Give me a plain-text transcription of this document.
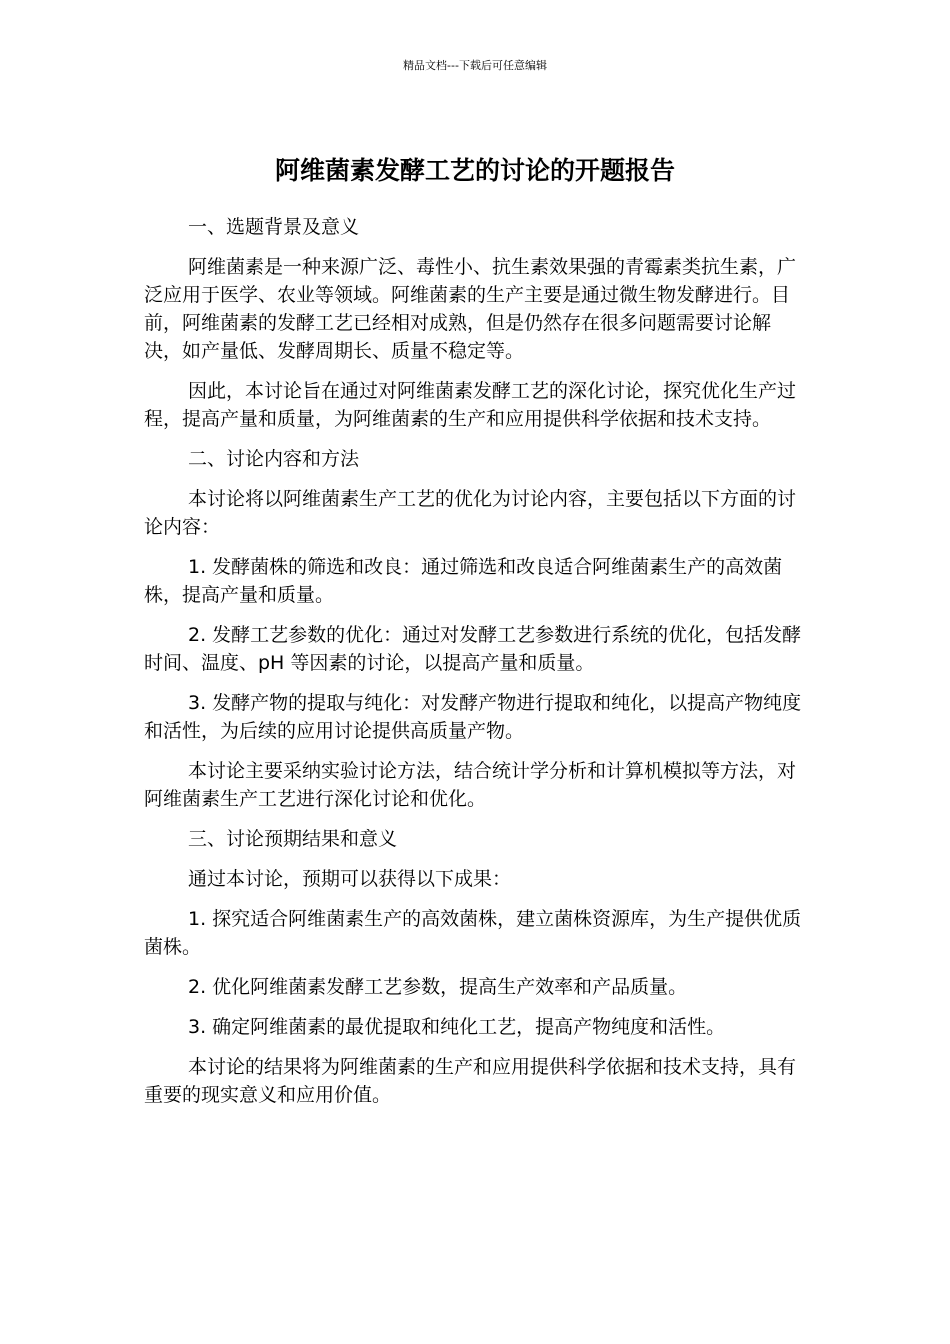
精品文档---下载后可任意编辑
阿维菌素发酵工艺的讨论的开题报告

一、选题背景及意义

阿维菌素是一种来源广泛、毒性小、抗生素效果强的青霉素类抗生素，广泛应用于医学、农业等领域。阿维菌素的生产主要是通过微生物发酵进行。目前，阿维菌素的发酵工艺已经相对成熟，但是仍然存在很多问题需要讨论解决，如产量低、发酵周期长、质量不稳定等。

因此，本讨论旨在通过对阿维菌素发酵工艺的深化讨论，探究优化生产过程，提高产量和质量，为阿维菌素的生产和应用提供科学依据和技术支持。

二、讨论内容和方法

本讨论将以阿维菌素生产工艺的优化为讨论内容，主要包括以下方面的讨论内容：

1. 发酵菌株的筛选和改良：通过筛选和改良适合阿维菌素生产的高效菌株，提高产量和质量。

2. 发酵工艺参数的优化：通过对发酵工艺参数进行系统的优化，包括发酵时间、温度、pH 等因素的讨论，以提高产量和质量。

3. 发酵产物的提取与纯化：对发酵产物进行提取和纯化，以提高产物纯度和活性，为后续的应用讨论提供高质量产物。

本讨论主要采纳实验讨论方法，结合统计学分析和计算机模拟等方法，对阿维菌素生产工艺进行深化讨论和优化。

三、讨论预期结果和意义

通过本讨论，预期可以获得以下成果：

1. 探究适合阿维菌素生产的高效菌株，建立菌株资源库，为生产提供优质菌株。

2. 优化阿维菌素发酵工艺参数，提高生产效率和产品质量。

3. 确定阿维菌素的最优提取和纯化工艺，提高产物纯度和活性。

本讨论的结果将为阿维菌素的生产和应用提供科学依据和技术支持，具有重要的现实意义和应用价值。
